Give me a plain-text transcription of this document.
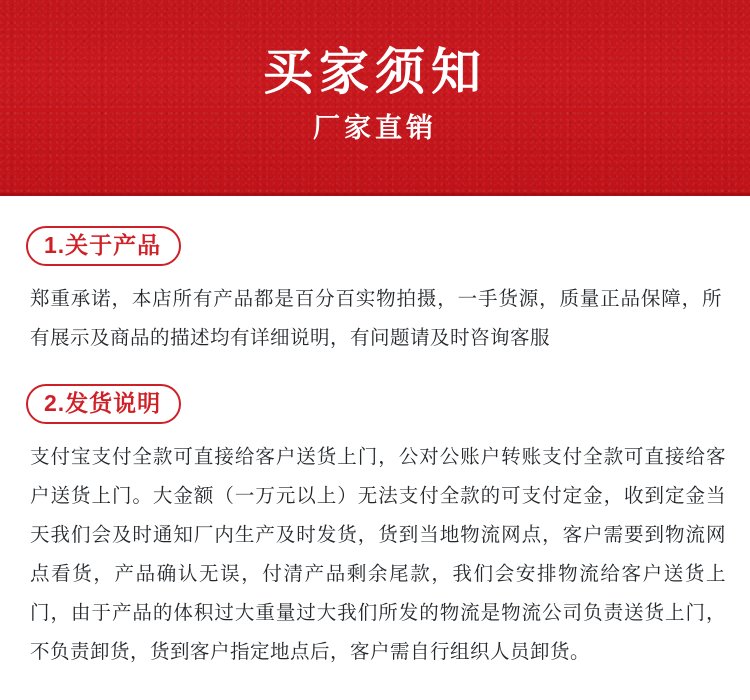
买家须知
厂家直销
1.关于产品
郑重承诺，本店所有产品都是百分百实物拍摄，一手货源，质量正品保障，所有展示及商品的描述均有详细说明，有问题请及时咨询客服
2.发货说明
支付宝支付全款可直接给客户送货上门，公对公账户转账支付全款可直接给客户送货上门。大金额（一万元以上）无法支付全款的可支付定金，收到定金当天我们会及时通知厂内生产及时发货，货到当地物流网点，客户需要到物流网点看货，产品确认无误，付清产品剩余尾款，我们会安排物流给客户送货上门，由于产品的体积过大重量过大我们所发的物流是物流公司负责送货上门，不负责卸货，货到客户指定地点后，客户需自行组织人员卸货。
